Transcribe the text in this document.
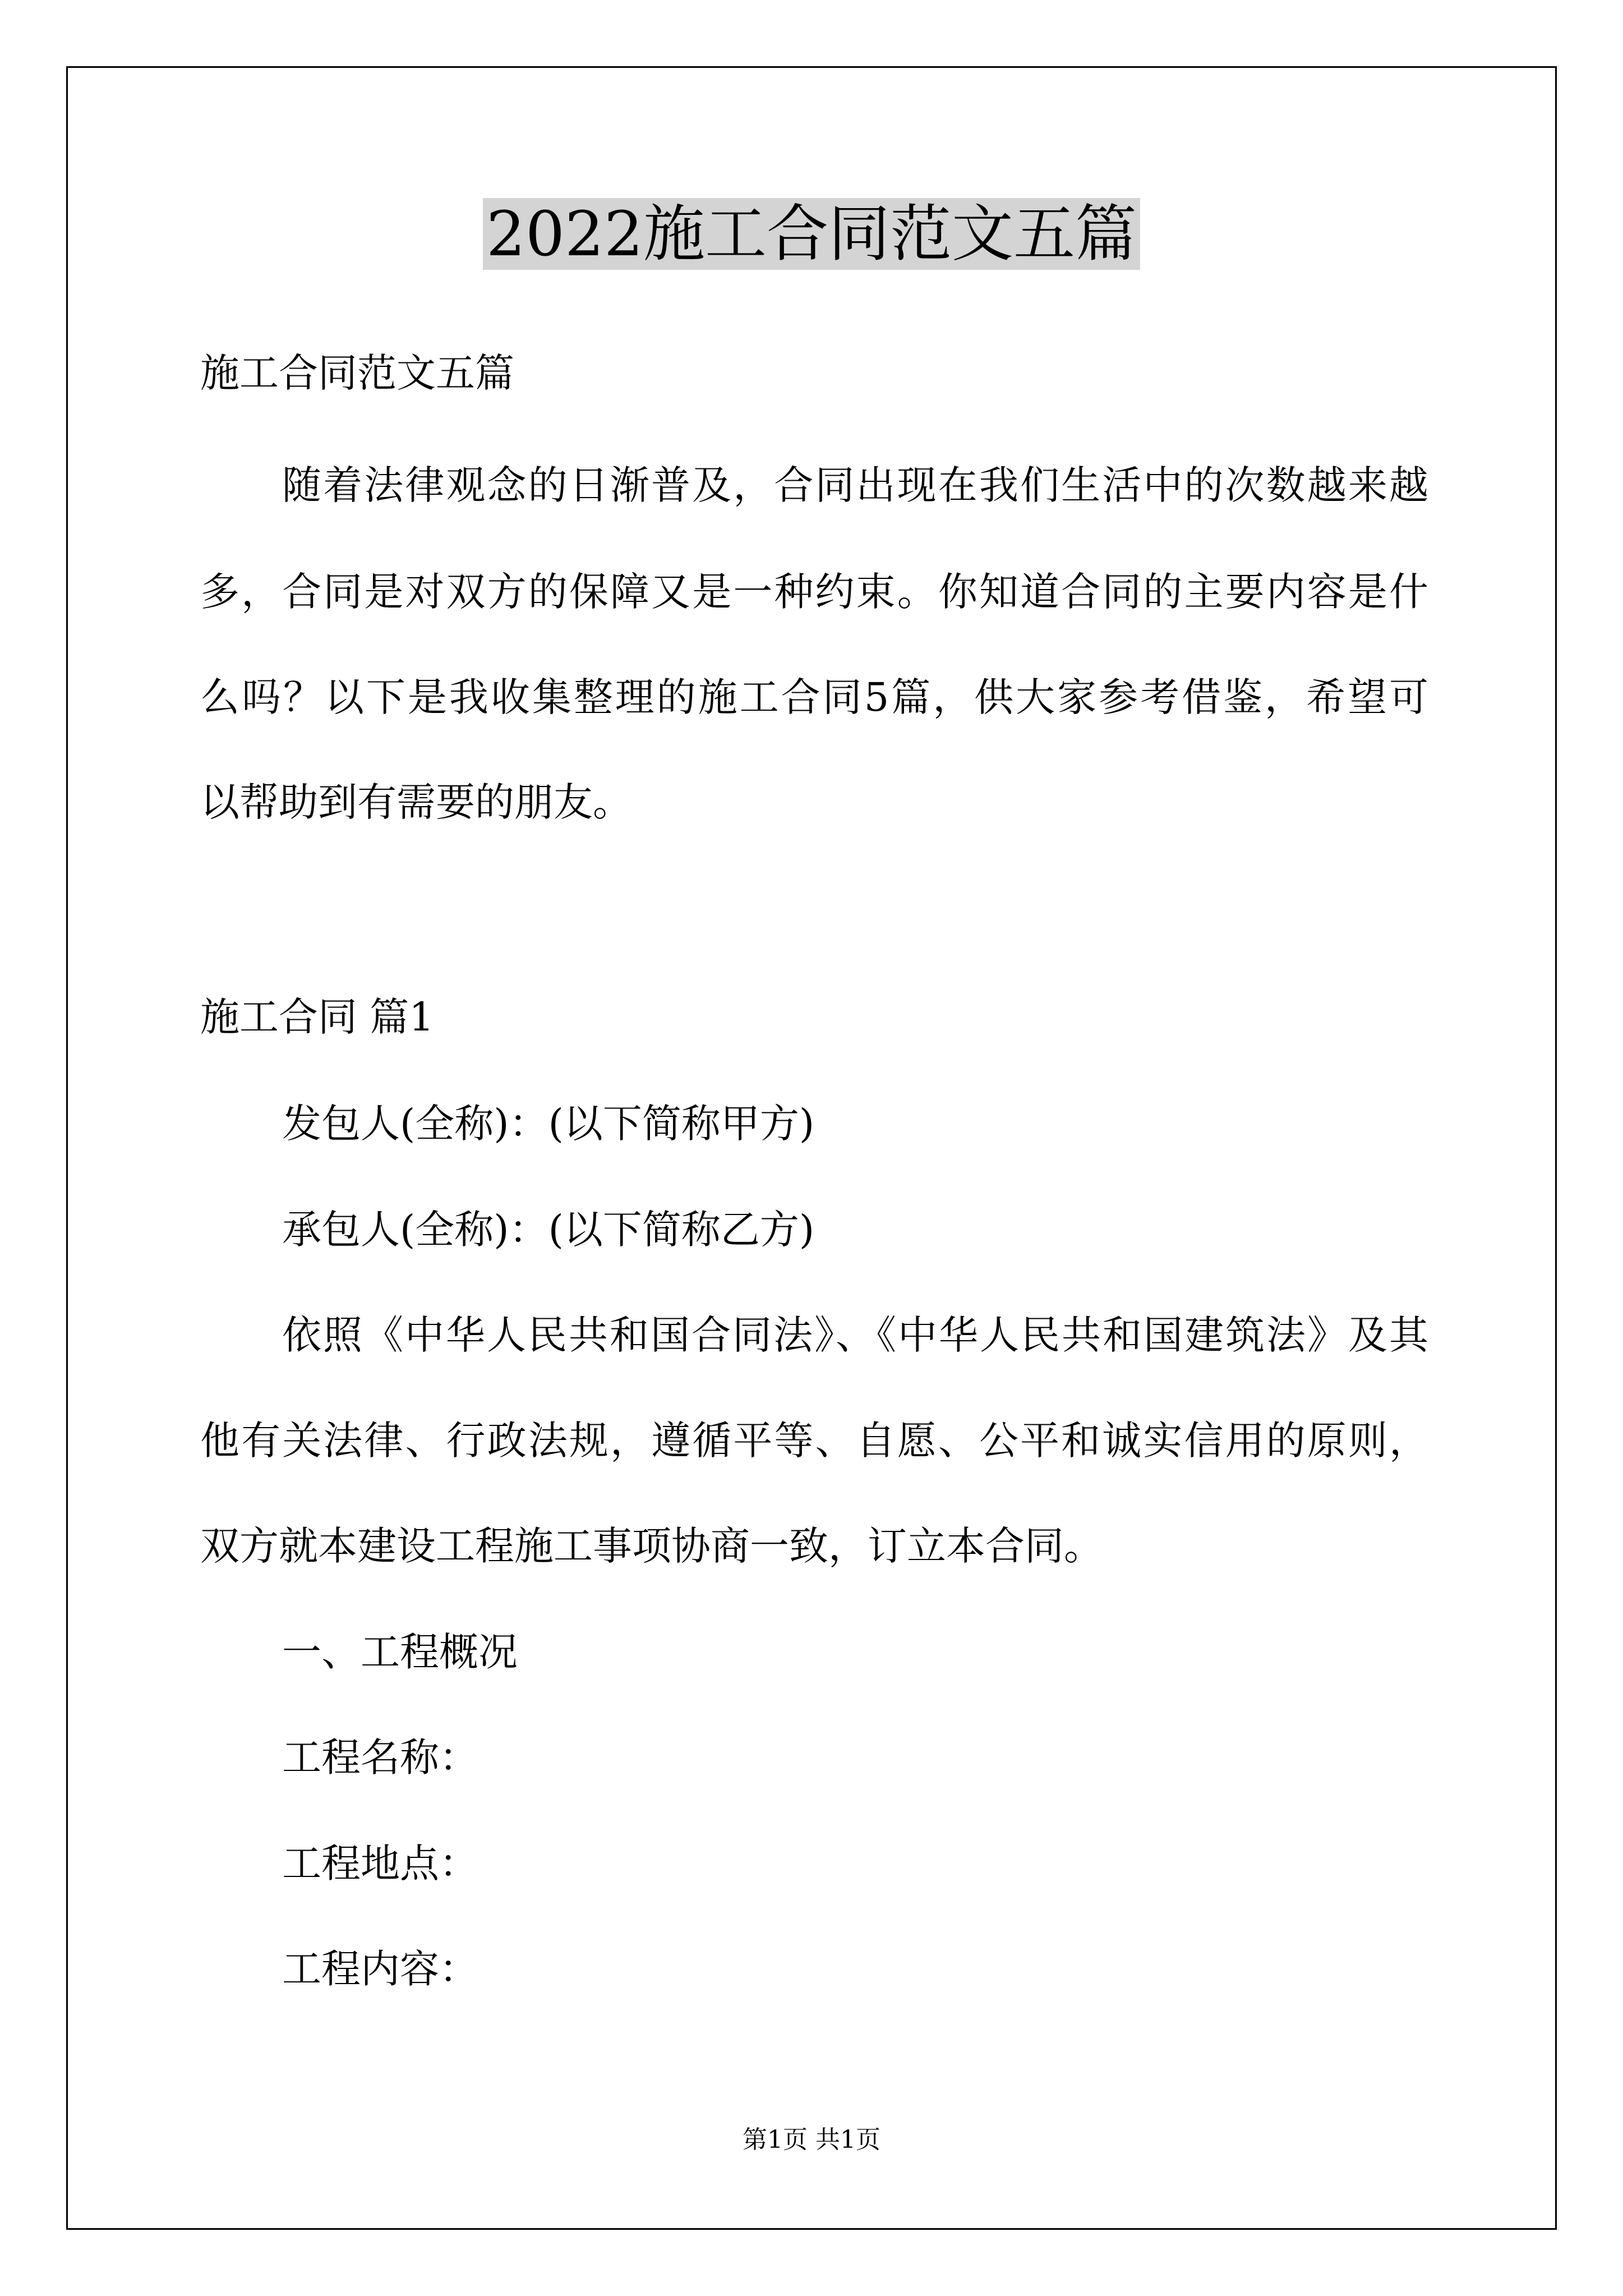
2022施工合同范文五篇
施工合同范文五篇
随着法律观念的日渐普及，合同出现在我们生活中的次数越来越
多，合同是对双方的保障又是一种约束。你知道合同的主要内容是什
么吗？以下是我收集整理的施工合同5篇，供大家参考借鉴，希望可
以帮助到有需要的朋友。
施工合同 篇1
发包人(全称)：(以下简称甲方)
承包人(全称)：(以下简称乙方)
依照《中华人民共和国合同法》、《中华人民共和国建筑法》及其
他有关法律、行政法规，遵循平等、自愿、公平和诚实信用的原则，
双方就本建设工程施工事项协商一致，订立本合同。
一、工程概况
工程名称：
工程地点：
工程内容：
第1页 共1页
